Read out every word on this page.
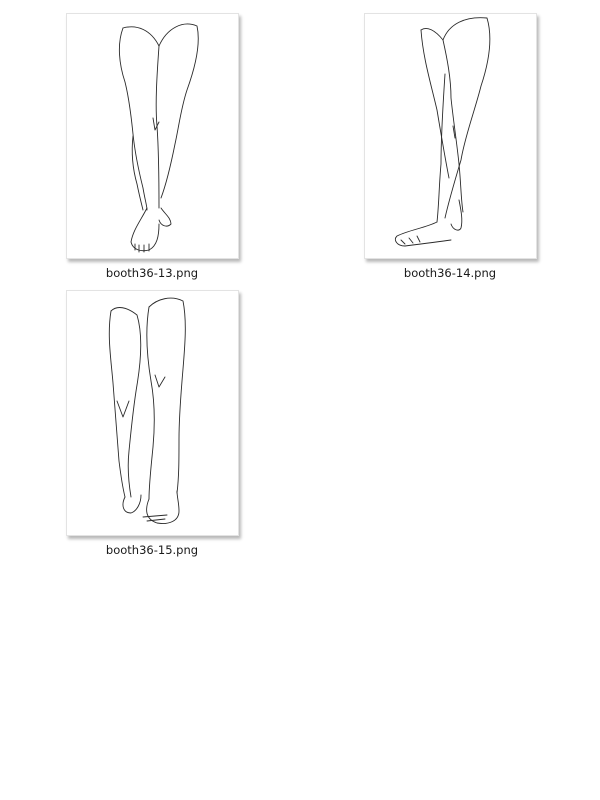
booth36-13.png	booth36-14.png
booth36-15.png
